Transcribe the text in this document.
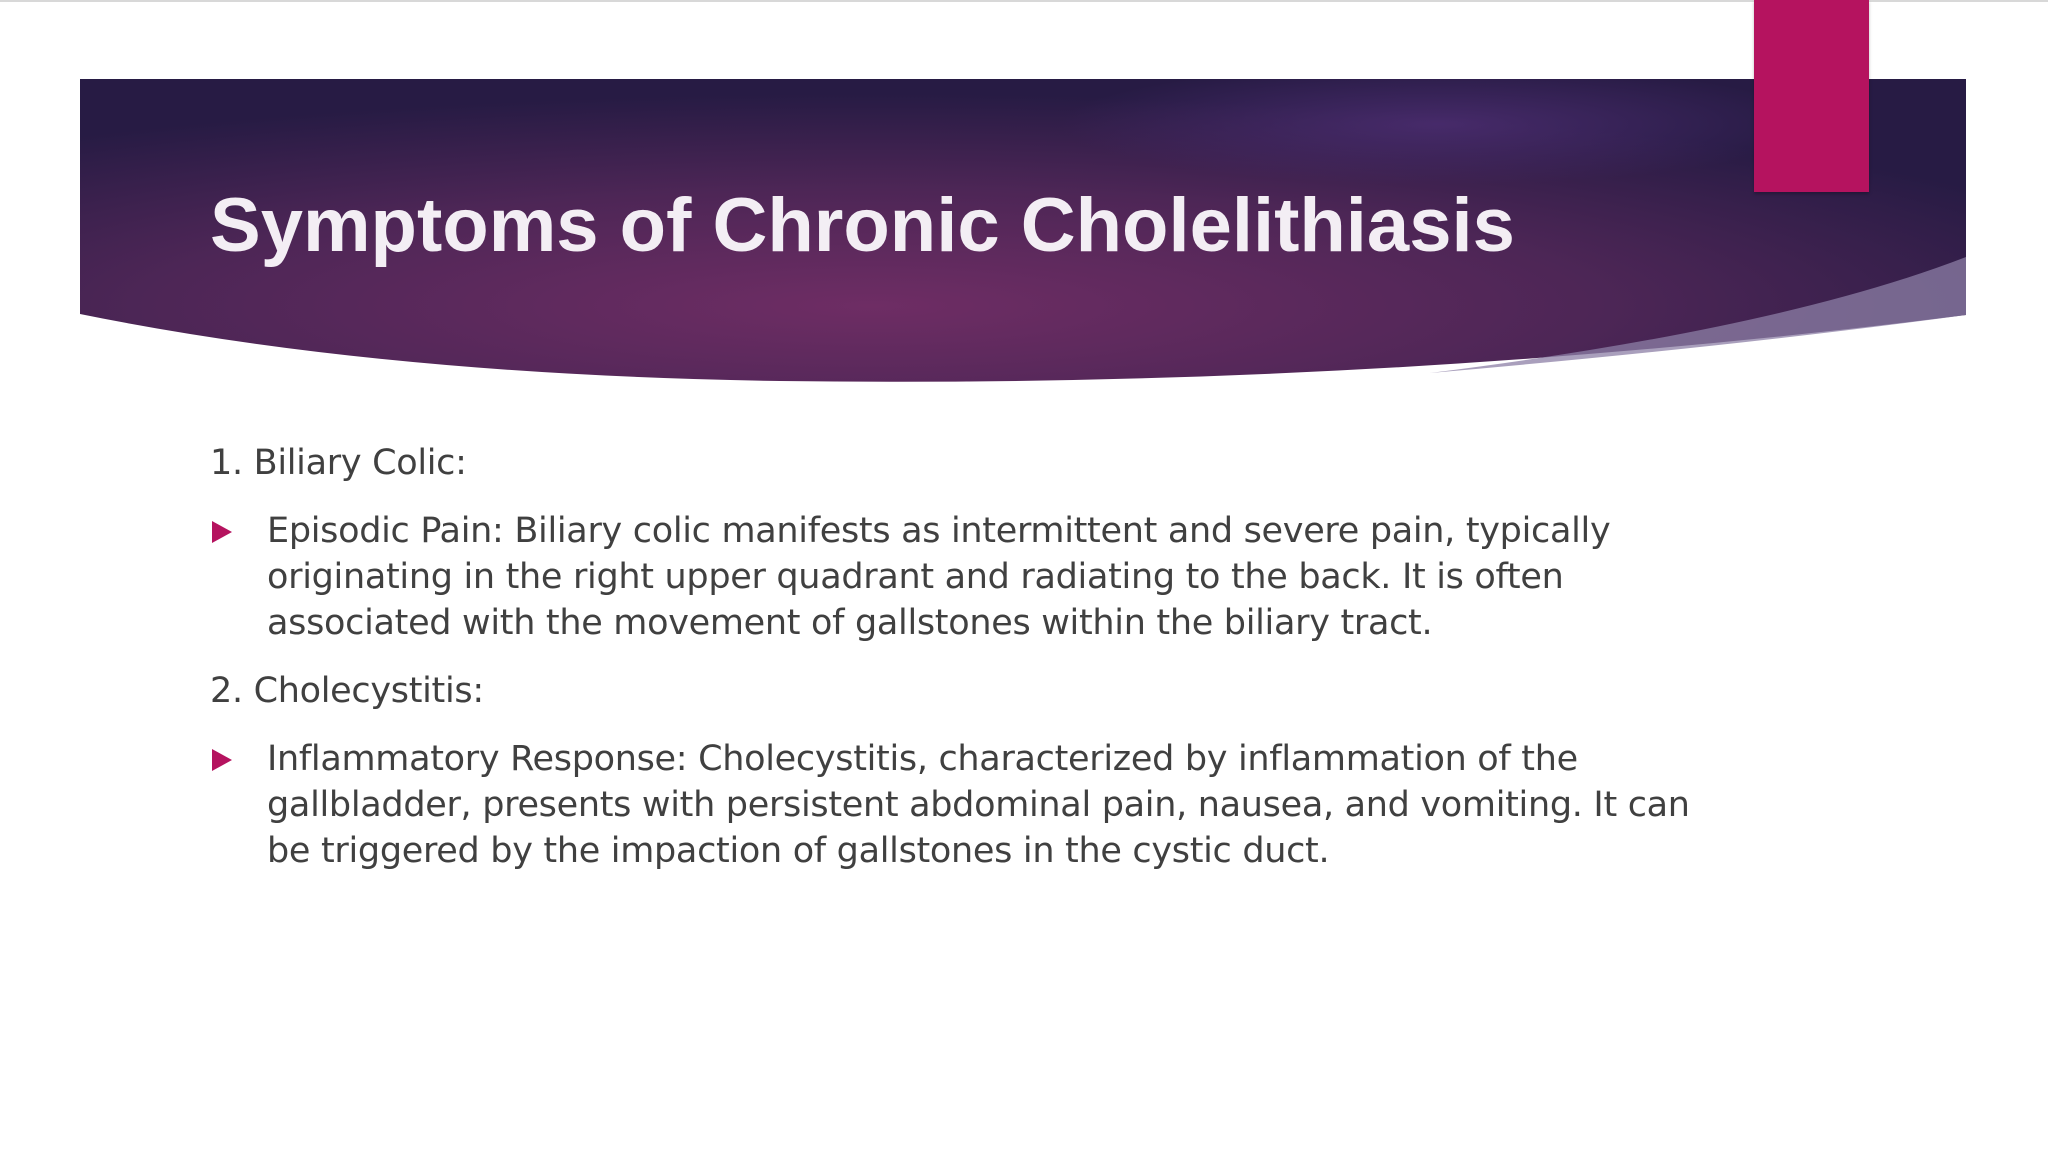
Symptoms of Chronic Cholelithiasis

1. Biliary Colic:

Episodic Pain: Biliary colic manifests as intermittent and severe pain, typically originating in the right upper quadrant and radiating to the back. It is often associated with the movement of gallstones within the biliary tract.

2. Cholecystitis:

Inflammatory Response: Cholecystitis, characterized by inflammation of the gallbladder, presents with persistent abdominal pain, nausea, and vomiting. It can be triggered by the impaction of gallstones in the cystic duct.
